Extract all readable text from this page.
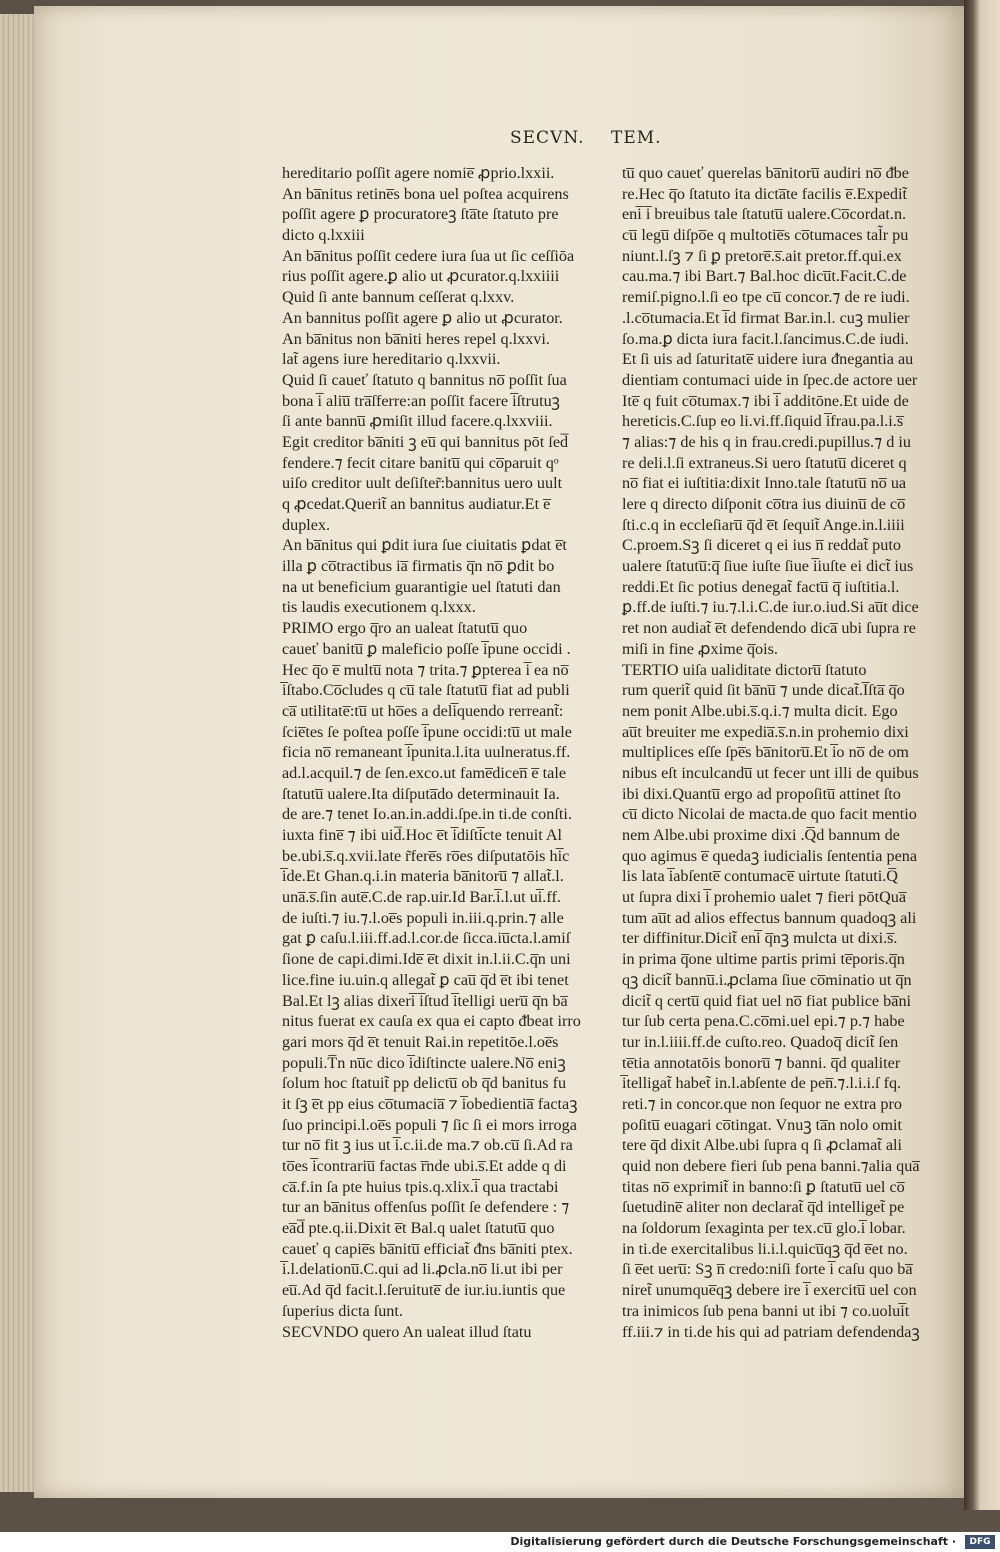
SECVN. TEM.
hereditario poſſit agere nomie̅ ꝓprio.lxxii.
An ba̅nitus retine̅s bona uel poſtea acquirens
poſſit agere ꝑ procuratoreꝫ ſta̅te ſtatuto pre
dicto q.lxxiii
An ba̅nitus poſſit cedere iura ſua ut ſic ceſſiōa
rius poſſit agere.ꝑ alio ut ꝓcurator.q.lxxiiii
Quid ſi ante bannum ceſſerat q.lxxv.
An bannitus poſſit agere ꝑ alio ut ꝓcurator.
An ba̅nitus non ba̅niti heres repel q.lxxvi.
lat̃ agens iure hereditario q.lxxvii.
Quid ſi caueť ſtatuto q bannitus no̅ poſſit ſua
bona i̅ aliu̅ tra̅ſferre:an poſſit facere i̅ſtrutuꝫ
ſi ante bannu̅ ꝓmiſit illud facere.q.lxxviii.
Egit creditor ba̅niti ꝫ eu̅ qui bannitus pōt ſed̅
fendere.⁊ fecit citare banitu̅ qui co̅paruit qᵒ
uiſo creditor uult deſiſter̃:bannitus uero uult
q ꝓcedat.Querit̃ an bannitus audiatur.Et e̅
duplex.
An ba̅nitus qui ꝑdit iura ſue ciuitatis ꝑdat e̅t
illa ꝑ co̅tractibus ia̅ firmatis q̅n no̅ ꝑdit bo
na ut beneficium guarantigie uel ſtatuti dan
tis laudis executionem q.lxxx.
PRIMO ergo q̅ro an ualeat ſtatutu̅ quo
caueť banitu̅ ꝑ maleficio poſſe i̅pune occidi .
Hec q̅o e̅ multu̅ nota ⁊ trita.⁊ ꝑpterea i̅ ea no̅
i̅ſtabo.Co̅cludes q cu̅ tale ſtatutu̅ fiat ad publi
ca̅ utilitate̅:tu̅ ut ho̅es a deli̅quendo rerreant̃:
ſcie̅tes ſe poſtea poſſe i̅pune occidi:tu̅ ut male
ficia no̅ remaneant i̅punita.l.ita uulneratus.ff.
ad.l.acquil.⁊ de ſen.exco.ut fame̅dicen̅ e̅ tale
ſtatutu̅ ualere.Ita diſputa̅do determinauit Ia.
de are.⁊ tenet Io.an.in.addi.ſpe.in ti.de conſti.
iuxta fine̅ ⁊ ibi uid̅.Hoc e̅t i̅diſti̅cte tenuit Al
be.ubi.s̅.q.xvii.late r̃fere̅s ro̅es diſputatōis hi̅c
i̅de.Et Ghan.q.i.in materia ba̅nitoru̅ ⁊ allat̃.l.
una̅.s̅.ſin aute̅.C.de rap.uir.Id Bar.i̅.l.ut ui̅.ff.
de iuſti.⁊ iu.⁊.l.oe̅s populi in.iii.q.prin.⁊ alle
gat ꝑ caſu.l.iii.ff.ad.l.cor.de ſicca.iu̅cta.l.amiſ
ſione de capi.dimi.Ide̅ e̅t dixit in.l.ii.C.q̅n uni
lice.fine iu.uin.q allegat̃ ꝑ cau̅ q̅d e̅t ibi tenet
Bal.Et lꝫ alias dixeri̅ i̅ſtud i̅telligi ueru̅ q̅n ba̅
nitus fuerat ex cauſa ex qua ei capto ᵭbeat irro
gari mors q̅d e̅t tenuit Rai.in repetitōe.l.oe̅s
populi.T̅n nu̅c dico i̅diſtincte ualere.No̅ eniꝫ
ſolum hoc ſtatuit̃ pp delictu̅ ob q̅d banitus fu
it ſꝫ e̅t pp eius co̅tumacia̅ ⁊ i̅obedientia̅ factaꝫ
ſuo principi.l.oe̅s populi ⁊ ſic ſi ei mors irroga
tur no̅ fit ꝫ ius ut i̅.c.ii.de ma.⁊ ob.cu̅ ſi.Ad ra
to̅es i̅contrariu̅ factas r̅nde ubi.s̅.Et adde q di
ca̅.f.in ſa pte huius tpis.q.xlix.i̅ qua tractabi
tur an ba̅nitus offenſus poſſit ſe defendere : ⁊
ea̅d̅ pte.q.ii.Dixit e̅t Bal.q ualet ſtatutu̅ quo
caueť q capie̅s ba̅nitu̅ efficiat̃ ᵭns ba̅niti ptex.
i̅.l.delationu̅.C.qui ad li.ꝓcla.no̅ li.ut ibi per
eu̅.Ad q̅d facit.l.ſeruitute̅ de iur.iu.iuntis que
ſuperius dicta ſunt.
SECVNDO quero An ualeat illud ſtatu
tu̅ quo caueť querelas ba̅nitoru̅ audiri no̅ ᵭbe
re.Hec q̅o ſtatuto ita dicta̅te facilis e̅.Expedit̃
eni̅ i̅ breuibus tale ſtatutu̅ ualere.Co̅cordat.n.
cu̅ legu̅ diſpo̅e q multotie̅s co̅tumaces tal̃r pu
niunt.l.ſꝫ ⁊ ſi ꝑ pretore̅.s̅.ait pretor.ff.qui.ex
cau.ma.⁊ ibi Bart.⁊ Bal.hoc dicu̅t.Facit.C.de
remiſ.pigno.l.ſi eo tpe cu̅ concor.⁊ de re iudi.
.l.co̅tumacia.Et i̅d firmat Bar.in.l. cuꝫ mulier
ſo.ma.ꝑ dicta iura facit.l.ſancimus.C.de iudi.
Et ſi uis ad ſaturitate̅ uidere iura ᵭnegantia au
dientiam contumaci uide in ſpec.de actore uer
Ite̅ q fuit co̅tumax.⁊ ibi i̅ additōne.Et uide de
hereticis.C.ſup eo li.vi.ff.ſiquid i̅frau.pa.l.i.s̅
⁊ alias:⁊ de his q in frau.credi.pupillus.⁊ d iu
re deli.l.ſi extraneus.Si uero ſtatutu̅ diceret q
no̅ fiat ei iuſtitia:dixit Inno.tale ſtatutu̅ no̅ ua
lere q directo diſponit co̅tra ius diuinu̅ de co̅
ſti.c.q in eccleſiaru̅ q̅d e̅t ſequit̃ Ange.in.l.iiii
C.proem.Sꝫ ſi diceret q ei ius n̅ reddat̃ puto
ualere ſtatutu̅:q̅ ſiue iuſte ſiue i̅iuſte ei dict̃ ius
reddi.Et ſic potius denegat̃ factu̅ q̅ iuſtitia.l.
ꝑ.ff.de iuſti.⁊ iu.⁊.l.i.C.de iur.o.iud.Si au̅t dice
ret non audiat̃ e̅t defendendo dica̅ ubi ſupra re
miſi in fine ꝓxime q̅ois.
TERTIO uiſa ualiditate dictoru̅ ſtatuto
rum querit̃ quid ſit ba̅nu̅ ⁊ unde dicat̃.I̅ſta̅ q̅o
nem ponit Albe.ubi.s̅.q.i.⁊ multa dicit. Ego
au̅t breuiter me expedia̅.s̅.n.in prohemio dixi
multiplices eſſe ſpe̅s ba̅nitoru̅.Et i̅o no̅ de om
nibus eſt inculcandu̅ ut fecer unt illi de quibus
ibi dixi.Quantu̅ ergo ad propoſitu̅ attinet ſto
cu̅ dicto Nicolai de macta.de quo facit mentio
nem Albe.ubi proxime dixi .Q̅d bannum de
quo agimus e̅ quedaꝫ iudicialis ſententia pena
lis lata i̅abſente̅ contumace̅ uirtute ſtatuti.Q̅
ut ſupra dixi i̅ prohemio ualet ⁊ fieri pōtQua̅
tum au̅t ad alios effectus bannum quadoqꝫ ali
ter diffinitur.Dicit̃ eni̅ q̅nꝫ mulcta ut dixi.s̅.
in prima q̅one ultime partis primi te̅poris.q̅n
qꝫ dicit̃ bannu̅.i.ꝓclama ſiue co̅minatio ut q̅n
dicit̃ q certu̅ quid fiat uel no̅ fiat publice ba̅ni
tur ſub certa pena.C.co̅mi.uel epi.⁊ p.⁊ habe
tur in.l.iiii.ff.de cuſto.reo. Quadoq̅ dicit̃ ſen
te̅tia annotatōis bonoru̅ ⁊ banni. q̅d qualiter
i̅telligat̃ habet̃ in.l.abſente de pen̅.⁊.l.i.i.ſ fq.
reti.⁊ in concor.que non ſequor ne extra pro
poſitu̅ euagari co̅tingat. Vnuꝫ ta̅n nolo omit
tere q̅d dixit Albe.ubi ſupra q ſi ꝓclamat̃ ali
quid non debere fieri ſub pena banni.⁊alia qua̅
titas no̅ exprimit̃ in banno:ſi ꝑ ſtatutu̅ uel co̅
ſuetudine̅ aliter non declarat̃ q̅d intelliget̃ pe
na ſoldorum ſexaginta per tex.cu̅ glo.i̅ lobar.
in ti.de exercitalibus li.i.l.quicu̅qꝫ q̅d e̅et no.
ſi e̅et ueru̅: Sꝫ n̅ credo:niſi forte i̅ caſu quo ba̅
niret̃ unumque̅qꝫ debere ire i̅ exercitu̅ uel con
tra inimicos ſub pena banni ut ibi ⁊ co.uolui̅t
ff.iii.⁊ in ti.de his qui ad patriam defendendaꝫ
Digitalisierung gefördert durch die Deutsche Forschungsgemeinschaft ·	DFG
